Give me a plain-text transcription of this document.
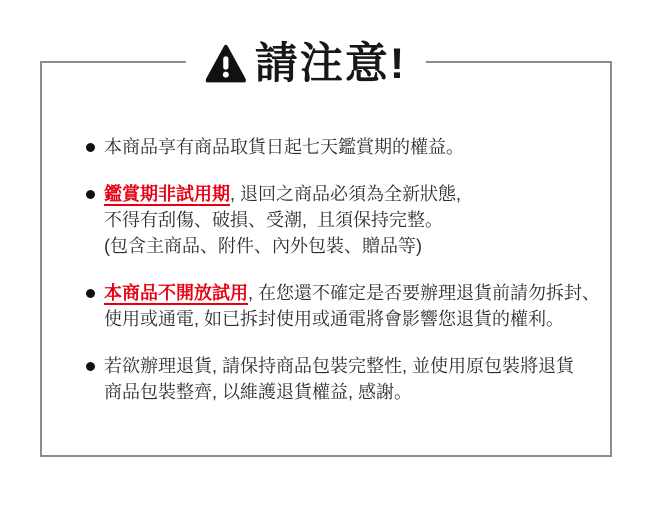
請注意!
本商品享有商品取貨日起七天鑑賞期的權益。
鑑賞期非試用期, 退回之商品必須為全新狀態,
不得有刮傷、破損、受潮,  且須保持完整。
(包含主商品、附件、內外包裝、贈品等)
本商品不開放試用, 在您還不確定是否要辦理退貨前請勿拆封、
使用或通電, 如已拆封使用或通電將會影響您退貨的權利。
若欲辦理退貨, 請保持商品包裝完整性, 並使用原包裝將退貨
商品包裝整齊, 以維護退貨權益, 感謝。
